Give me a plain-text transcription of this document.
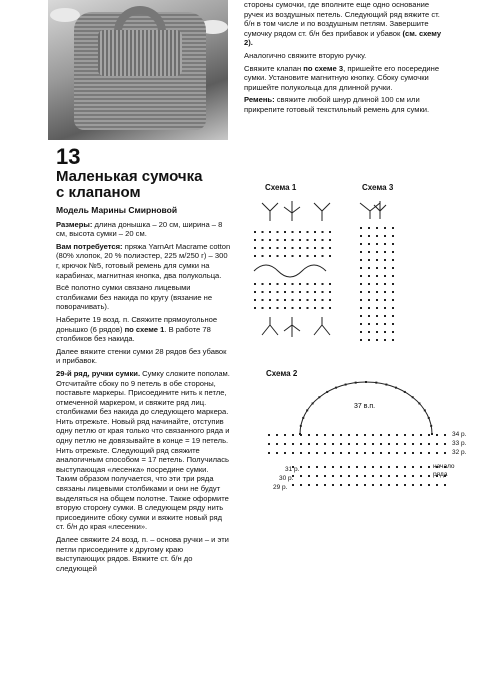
13
Маленькая сумочка
с клапаном
Модель Марины Смирновой
Размеры: длина донышка – 20 см, ширина – 8 см, высота сумки – 20 см.
Вам потребуется: пряжа YarnArt Macrame cotton (80% хлопок, 20 % полиэстер, 225 м/250 г) – 300 г, крючок №5, готовый ремень для сумки на карабинах, магнитная кнопка, два полукольца.
Всё полотно сумки связано лицевыми столбиками без накида по кругу (вязание не поворачивать).
Наберите 19 возд. п. Свяжите прямоугольное донышко (6 рядов) по схеме 1. В работе 78 столбиков без накида.
Далее вяжите стенки сумки 28 рядов без убавок и прибавок.
29-й ряд, ручки сумки. Сумку сложите пополам. Отсчитайте сбоку по 9 петель в обе стороны, поставьте маркеры. Присоедините нить к петле, отмеченной маркером, и свяжите ряд лиц. столбиками без накида до следующего маркера. Нить отрежьте. Новый ряд начинайте, отступив одну петлю от края только что связанного ряда и одну петлю не довязывайте в конце = 19 петель. Нить отрежьте. Следующий ряд свяжите аналогичным способом = 17 петель. Получилась выступающая «лесенка» посредине сумки. Таким образом получается, что эти три ряда связаны лицевыми столбиками и они не будут выделяться на общем полотне. Также оформите вторую сторону сумки. В следующем ряду нить присоедините сбоку сумки и вяжите новый ряд ст. б/н до края «лесенки».
Далее свяжите 24 возд. п. – основа ручки – и эти петли присоедините к другому краю выступающих рядов. Вяжите ст. б/н до следующей
стороны сумочки, где вполните еще одно основание ручек из воздушных петель. Следующий ряд вяжите ст. б/н в том числе и по воздушным петлям. Завершите сумочку рядом ст. б/н без прибавок и убавок (см. схему 2).
Аналогично свяжите вторую ручку.
Свяжите клапан по схеме 3, пришейте его посередине сумки. Установите магнитную кнопку. Сбоку сумочки пришейте полукольца для длинной ручки.
Ремень: свяжите любой шнур длиной 100 см или прикрепите готовый текстильный ремень для сумки.
Схема 1	Схема 3
Схема 2
37 в.п.
34 р.
33 р.
32 р.
31 р.
30 р.
29 р.
начало ряда
